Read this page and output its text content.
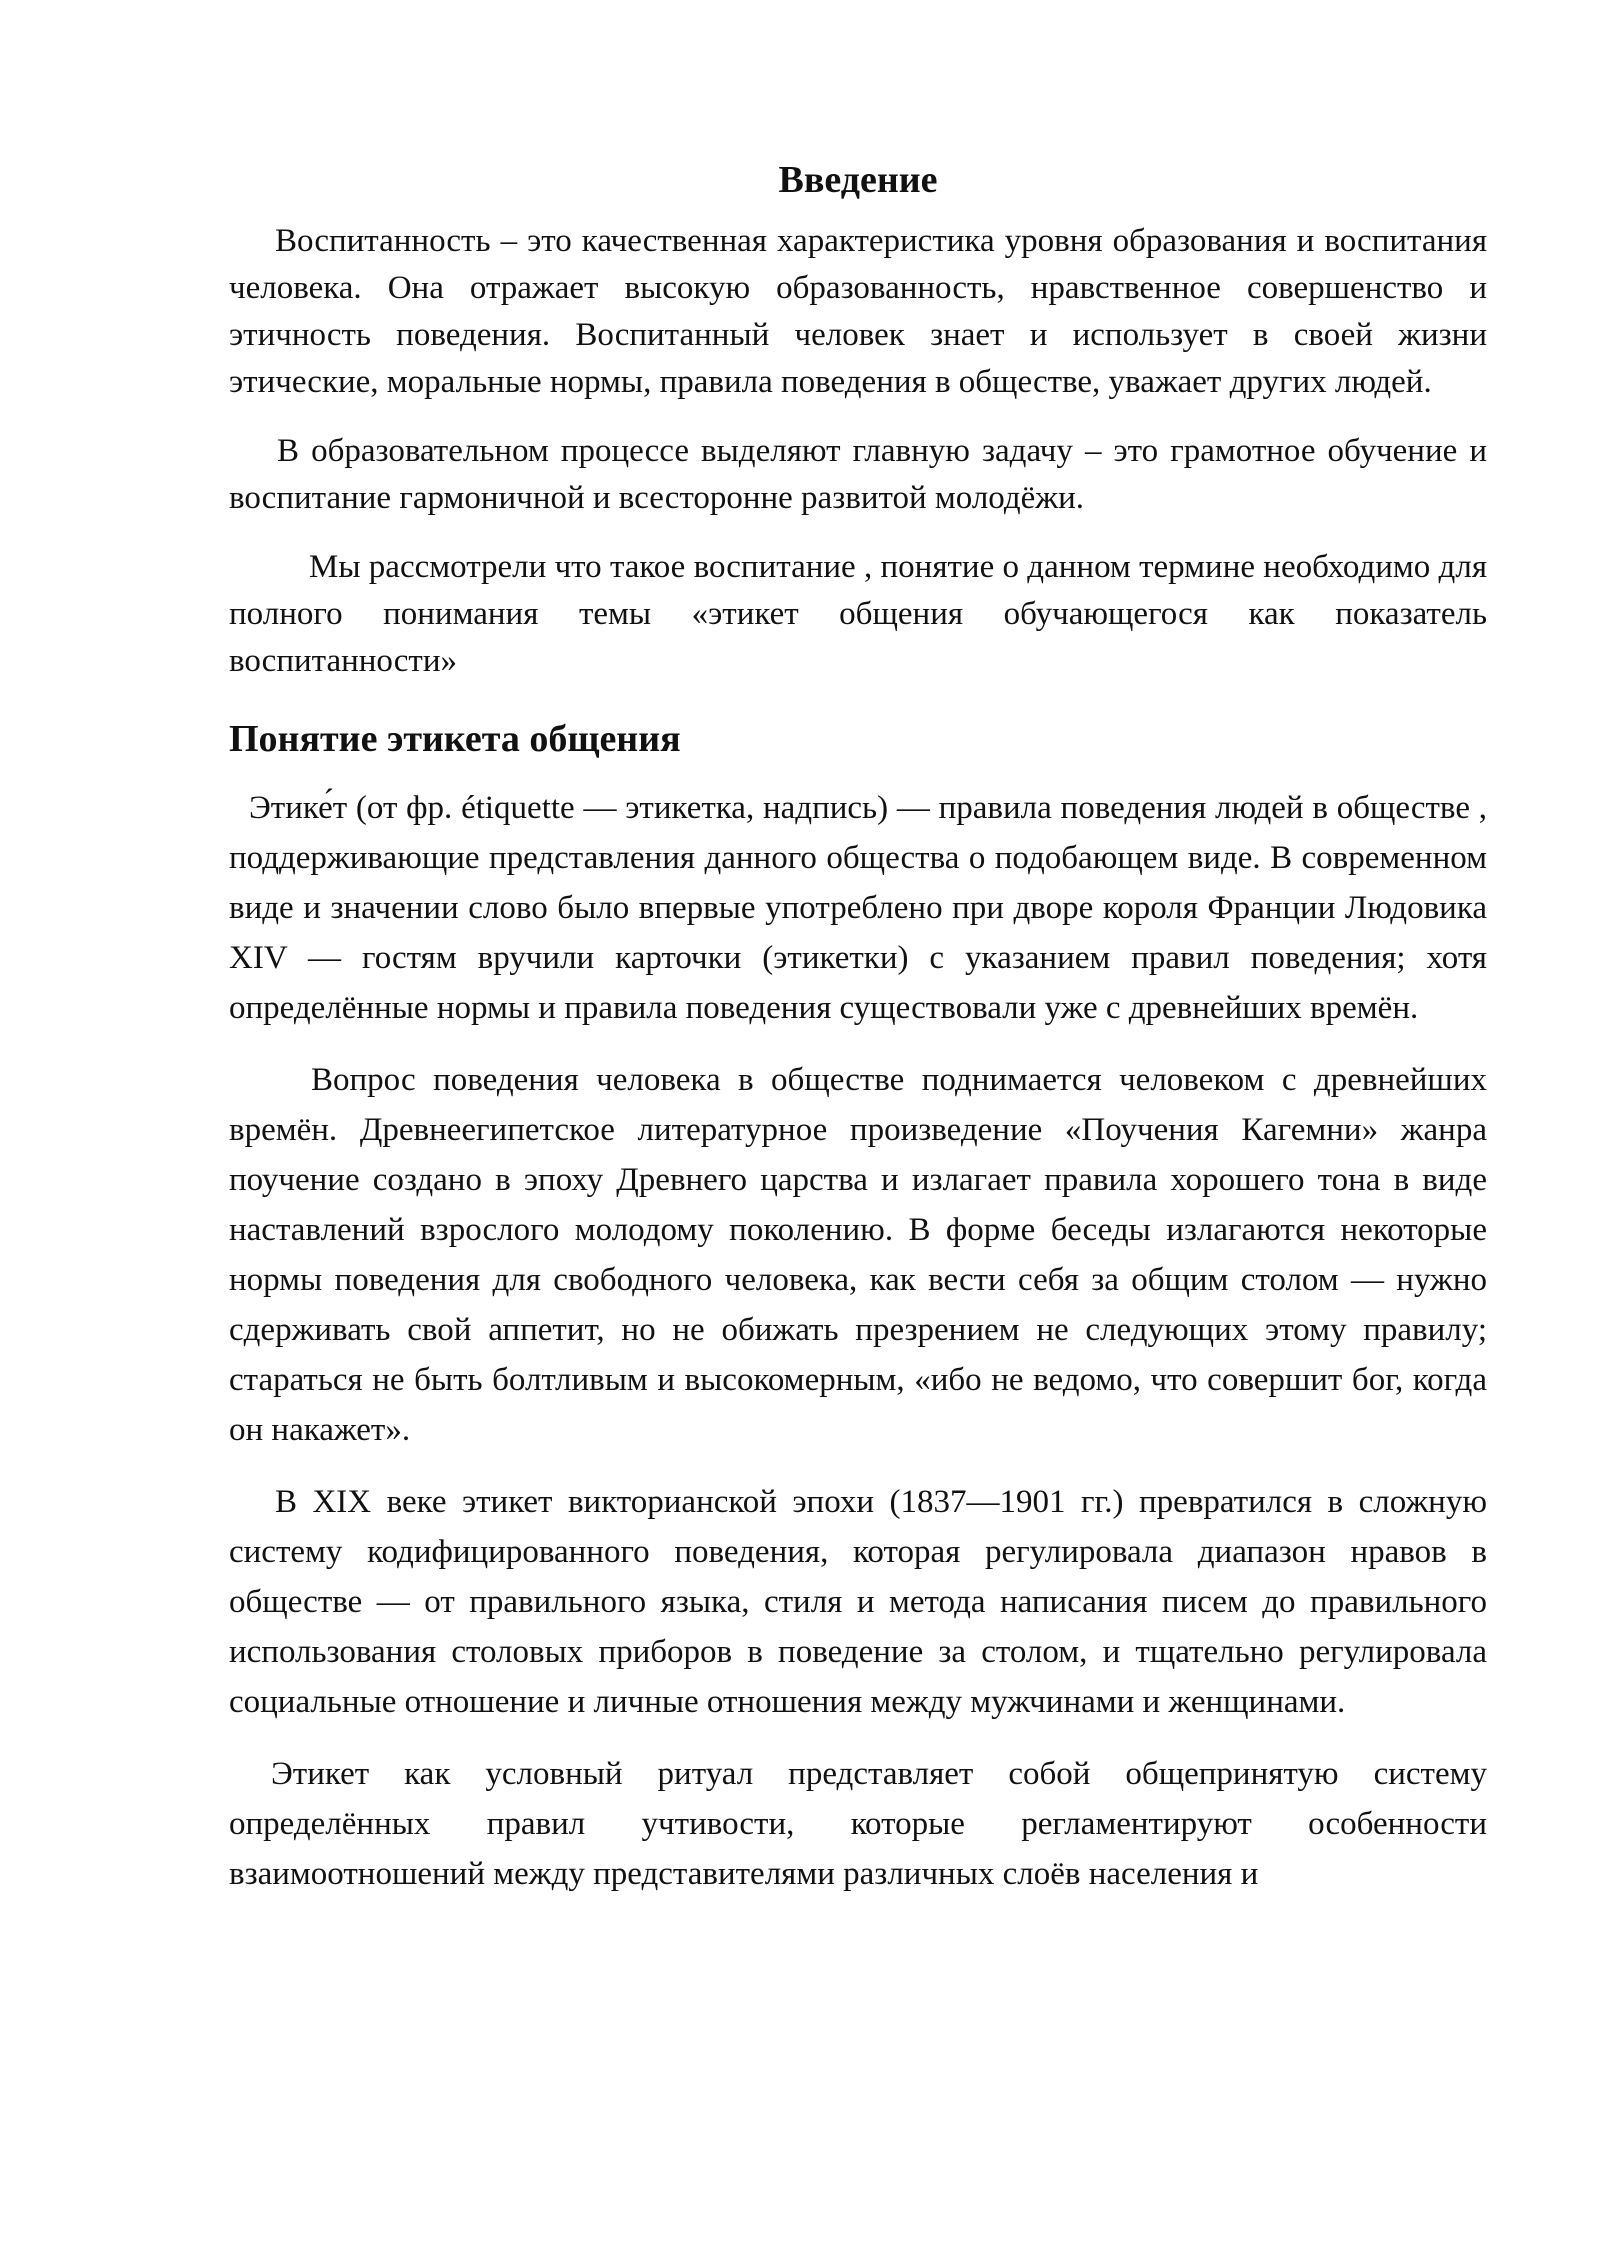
Введение

Воспитанность – это качественная характеристика уровня образования и воспитания человека. Она отражает высокую образованность, нравственное совершенство и этичность поведения. Воспитанный человек знает и использует в своей жизни этические, моральные нормы, правила поведения в обществе, уважает других людей.

В образовательном процессе выделяют главную задачу – это грамотное обучение и воспитание гармоничной и всесторонне развитой молодёжи.

Мы рассмотрели что такое воспитание , понятие о данном термине необходимо для полного понимания темы «этикет общения обучающегося как показатель воспитанности»

Понятие этикета общения

Этике́т (от фр. étiquette — этикетка, надпись) — правила поведения людей в обществе , поддерживающие представления данного общества о подобающем виде. В современном виде и значении слово было впервые употреблено при дворе короля Франции Людовика XIV — гостям вручили карточки (этикетки) с указанием правил поведения; хотя определённые нормы и правила поведения существовали уже с древнейших времён.

Вопрос поведения человека в обществе поднимается человеком с древнейших времён. Древнеегипетское литературное произведение «Поучения Кагемни» жанра поучение создано в эпоху Древнего царства и излагает правила хорошего тона в виде наставлений взрослого молодому поколению. В форме беседы излагаются некоторые нормы поведения для свободного человека, как вести себя за общим столом — нужно сдерживать свой аппетит, но не обижать презрением не следующих этому правилу; стараться не быть болтливым и высокомерным, «ибо не ведомо, что совершит бог, когда он накажет».

В XIX веке этикет викторианской эпохи (1837—1901 гг.) превратился в сложную систему кодифицированного поведения, которая регулировала диапазон нравов в обществе — от правильного языка, стиля и метода написания писем до правильного использования столовых приборов в поведение за столом, и тщательно регулировала социальные отношение и личные отношения между мужчинами и женщинами.

Этикет как условный ритуал представляет собой общепринятую систему определённых правил учтивости, которые регламентируют особенности взаимоотношений между представителями различных слоёв населения и
